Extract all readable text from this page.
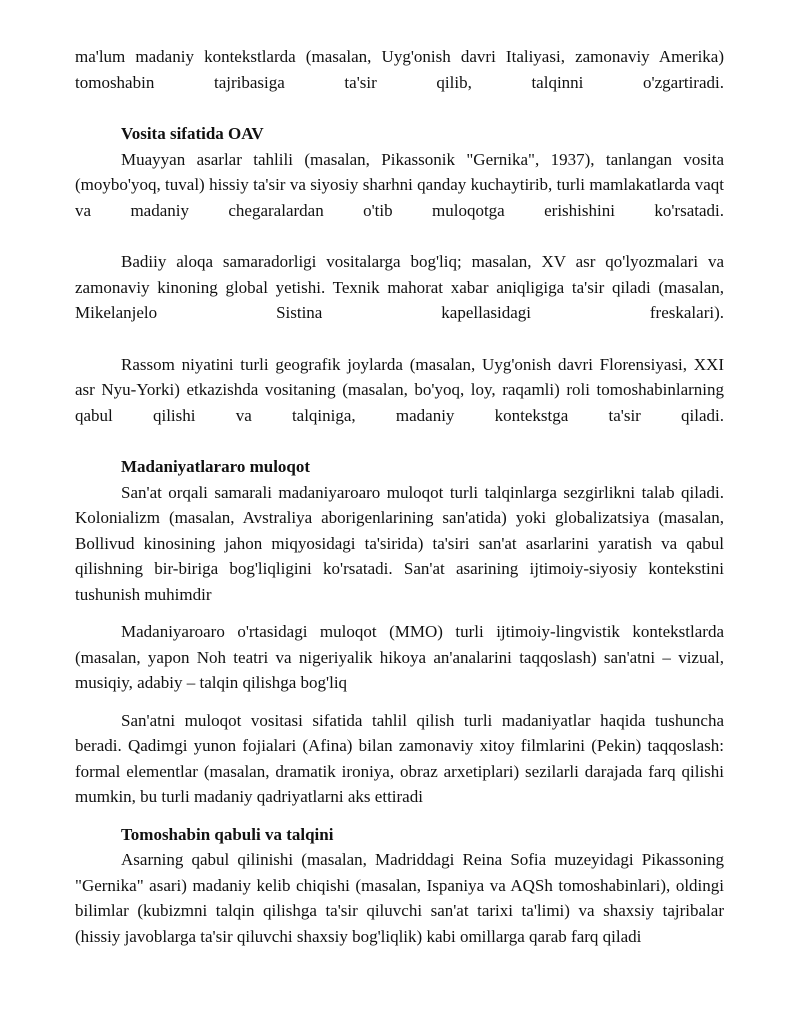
ma'lum madaniy kontekstlarda (masalan, Uyg'onish davri Italiyasi, zamonaviy Amerika) tomoshabin tajribasiga ta'sir qilib, talqinni o'zgartiradi.

Vosita sifatida OAV

Muayyan asarlar tahlili (masalan, Pikassonik "Gernika", 1937), tanlangan vosita (moybo'yoq, tuval) hissiy ta'sir va siyosiy sharhni qanday kuchaytirib, turli mamlakatlarda vaqt va madaniy chegaralardan o'tib muloqotga erishishini ko'rsatadi.

Badiiy aloqa samaradorligi vositalarga bog'liq; masalan, XV asr qo'lyozmalari va zamonaviy kinoning global yetishi. Texnik mahorat xabar aniqligiga ta'sir qiladi (masalan, Mikelanjelo Sistina kapellasidagi freskalari).

Rassom niyatini turli geografik joylarda (masalan, Uyg'onish davri Florensiyasi, XXI asr Nyu-Yorki) etkazishda vositaning (masalan, bo'yoq, loy, raqamli) roli tomoshabinlarning qabul qilishi va talqiniga, madaniy kontekstga ta'sir qiladi.

Madaniyatlararo muloqot

San'at orqali samarali madaniyaroaro muloqot turli talqinlarga sezgirlikni talab qiladi. Kolonializm (masalan, Avstraliya aborigenlarining san'atida) yoki globalizatsiya (masalan, Bollivud kinosining jahon miqyosidagi ta'sirida) ta'siri san'at asarlarini yaratish va qabul qilishning bir-biriga bog'liqligini ko'rsatadi. San'at asarining ijtimoiy-siyosiy kontekstini tushunish muhimdir

Madaniyaroaro o'rtasidagi muloqot (MMO) turli ijtimoiy-lingvistik kontekstlarda (masalan, yapon Noh teatri va nigeriyalik hikoya an'analarini taqqoslash) san'atni – vizual, musiqiy, adabiy – talqin qilishga bog'liq

San'atni muloqot vositasi sifatida tahlil qilish turli madaniyatlar haqida tushuncha beradi. Qadimgi yunon fojialari (Afina) bilan zamonaviy xitoy filmlarini (Pekin) taqqoslash: formal elementlar (masalan, dramatik ironiya, obraz arxetiplari) sezilarli darajada farq qilishi mumkin, bu turli madaniy qadriyatlarni aks ettiradi

Tomoshabin qabuli va talqini

Asarning qabul qilinishi (masalan, Madriddagi Reina Sofia muzeyidagi Pikassoning "Gernika" asari) madaniy kelib chiqishi (masalan, Ispaniya va AQSh tomoshabinlari), oldingi bilimlar (kubizmni talqin qilishga ta'sir qiluvchi san'at tarixi ta'limi) va shaxsiy tajribalar (hissiy javoblarga ta'sir qiluvchi shaxsiy bog'liqlik) kabi omillarga qarab farq qiladi
